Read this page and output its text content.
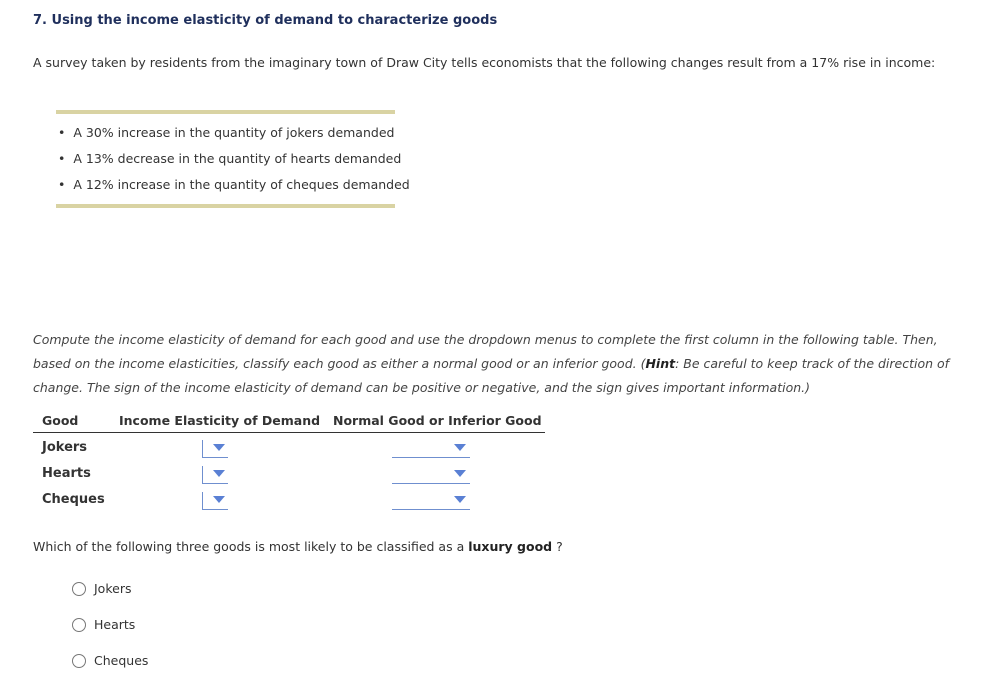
7. Using the income elasticity of demand to characterize goods
A survey taken by residents from the imaginary town of Draw City tells economists that the following changes result from a 17% rise in income:
• A 30% increase in the quantity of jokers demanded
• A 13% decrease in the quantity of hearts demanded
• A 12% increase in the quantity of cheques demanded
Compute the income elasticity of demand for each good and use the dropdown menus to complete the first column in the following table. Then, based on the income elasticities, classify each good as either a normal good or an inferior good. (Hint: Be careful to keep track of the direction of change. The sign of the income elasticity of demand can be positive or negative, and the sign gives important information.)
Good	Income Elasticity of Demand Normal Good or Inferior Good
Jokers
Hearts
Cheques
Which of the following three goods is most likely to be classified as a luxury good ?
Jokers
Hearts
Cheques
